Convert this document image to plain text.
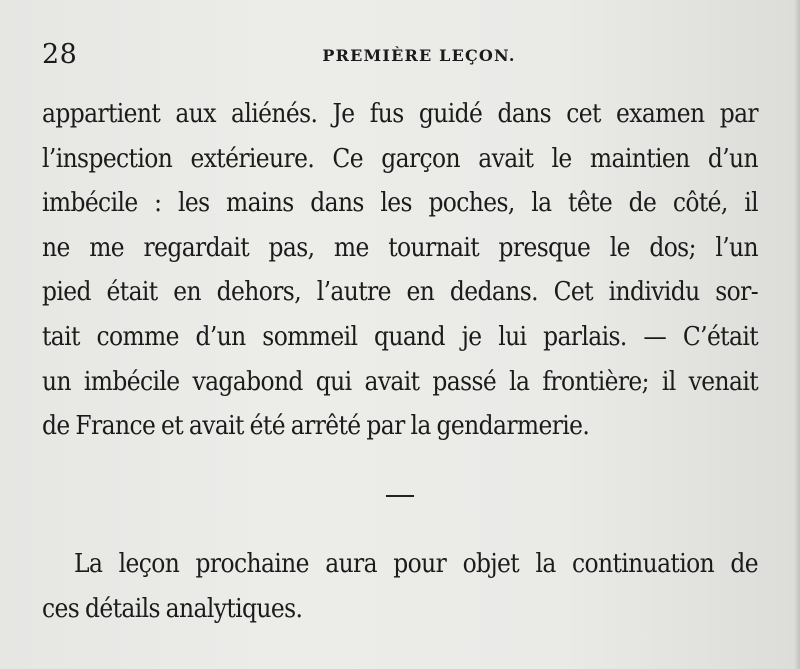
28	PREMIÈRE LEÇON.
appartient aux aliénés. Je fus guidé dans cet examen par
l’inspection extérieure. Ce garçon avait le maintien d’un
imbécile : les mains dans les poches, la tête de côté, il
ne me regardait pas, me tournait presque le dos; l’un
pied était en dehors, l’autre en dedans. Cet individu sor-
tait comme d’un sommeil quand je lui parlais. — C’était
un imbécile vagabond qui avait passé la frontière; il venait
de France et avait été arrêté par la gendarmerie.
La leçon prochaine aura pour objet la continuation de
ces détails analytiques.
